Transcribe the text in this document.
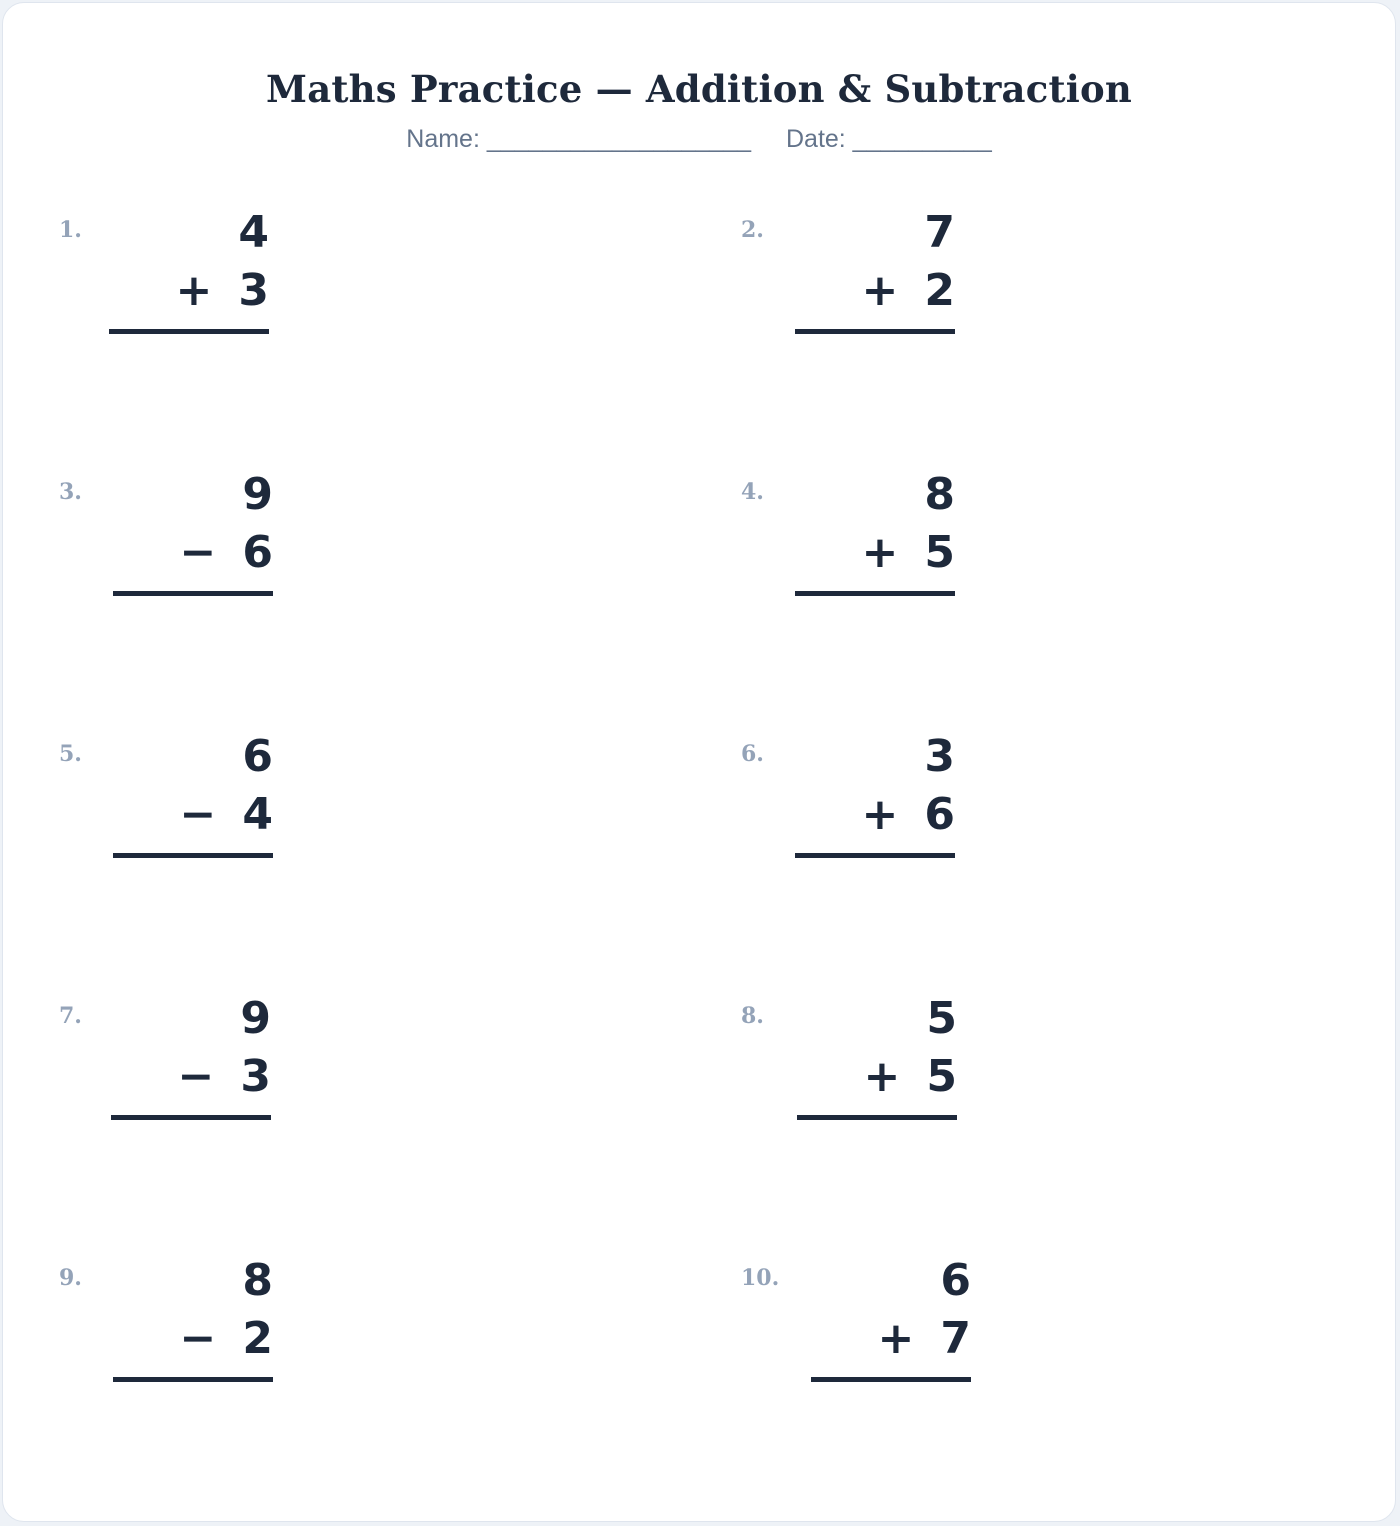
Maths Practice — Addition & Subtraction
Name: ___________________ Date: __________
1.	4
+ 3
2.	7
+ 2
3.	9
− 6
4.	8
+ 5
5.	6
− 4
6.	3
+ 6
7.	9
− 3
8.	5
+ 5
9.	8
− 2
10.	6
+ 7
